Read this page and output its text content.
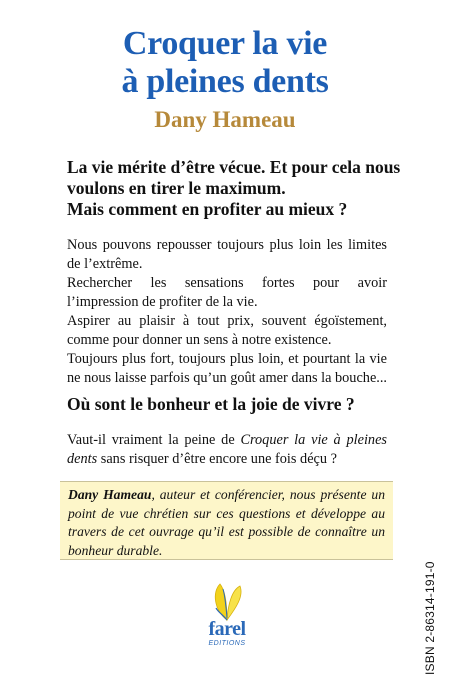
Croquer la vie
à pleines dents
Dany Hameau
La vie mérite d’être vécue. Et pour cela nous
voulons en tirer le maximum.
Mais comment en profiter au mieux ?

Nous pouvons repousser toujours plus loin les limites de l’extrême.

Rechercher les sensations fortes pour avoir l’impression de profiter de la vie.

Aspirer au plaisir à tout prix, souvent égoïstement, comme pour donner un sens à notre existence.

Toujours plus fort, toujours plus loin, et pourtant la vie ne nous laisse parfois qu’un goût amer dans la bouche...

Où sont le bonheur et la joie de vivre ?
Vaut-il vraiment la peine de Croquer la vie à pleines dents sans risquer d’être encore une fois déçu ?
Dany Hameau, auteur et conférencier, nous présente un point de vue chrétien sur ces questions et développe au travers de cet ouvrage qu’il est possible de connaître un bonheur durable.
farel
EDITIONS	ISBN 2-86314-191-0
